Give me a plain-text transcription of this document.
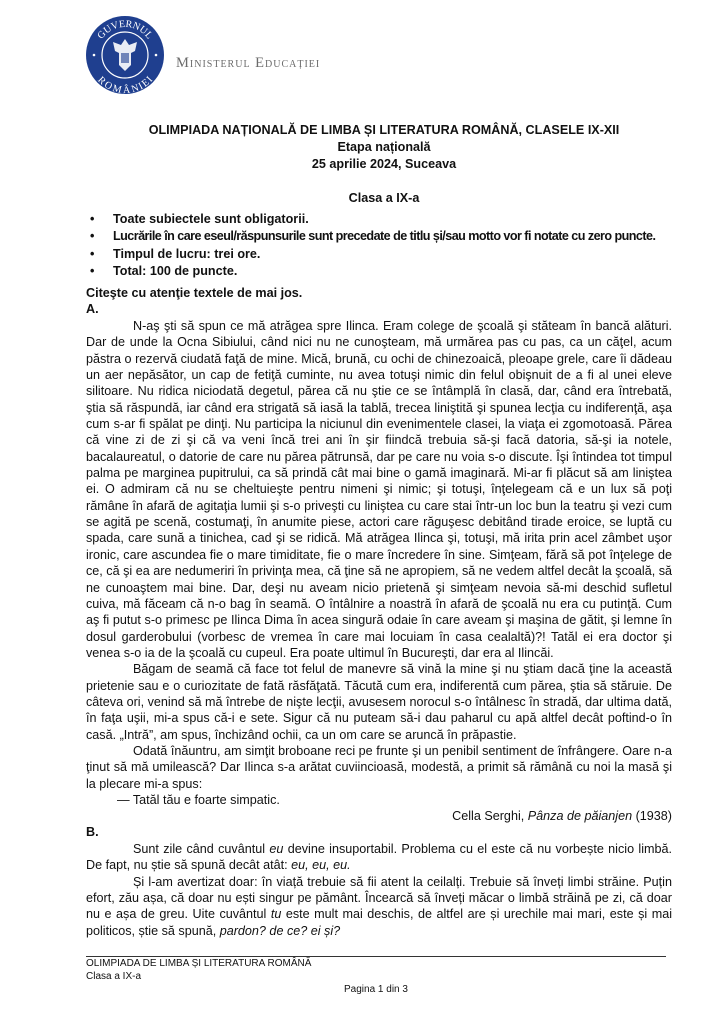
GUVERNUL
ROMÂNIEI
Ministerul Educației
OLIMPIADA NAȚIONALĂ DE LIMBA ȘI LITERATURA ROMÂNĂ, CLASELE IX-XII
Etapa națională
25 aprilie 2024, Suceava
Clasa a IX-a
• Toate subiectele sunt obligatorii.
• Lucrările în care eseul/răspunsurile sunt precedate de titlu și/sau motto vor fi notate cu zero puncte.
• Timpul de lucru: trei ore.
• Total: 100 de puncte.
Citeşte cu atenţie textele de mai jos.
A.

N-aş şti să spun ce mă atrăgea spre Ilinca. Eram colege de şcoală şi stăteam în bancă alături. Dar de unde la Ocna Sibiului, când nici nu ne cunoşteam, mă urmărea pas cu pas, ca un căţel, acum păstra o rezervă ciudată faţă de mine. Mică, brună, cu ochi de chinezoaică, pleoape grele, care îi dădeau un aer nepăsător, un cap de fetiţă cuminte, nu avea totuşi nimic din felul obişnuit de a fi al unei eleve silitoare. Nu ridica niciodată degetul, părea că nu ştie ce se întâmplă în clasă, dar, când era întrebată, ştia să răspundă, iar când era strigată să iasă la tablă, trecea liniştită şi spunea lecţia cu indiferenţă, aşa cum s-ar fi spălat pe dinţi. Nu participa la niciunul din evenimentele clasei, la viaţa ei zgomotoasă. Părea că vine zi de zi şi că va veni încă trei ani în şir fiindcă trebuia să-şi facă datoria, să-şi ia notele, bacalaureatul, o datorie de care nu părea pătrunsă, dar pe care nu voia s-o discute. Îşi întindea tot timpul palma pe marginea pupitrului, ca să prindă cât mai bine o gamă imaginară. Mi-ar fi plăcut să am liniştea ei. O admiram că nu se cheltuieşte pentru nimeni şi nimic; şi totuşi, înţelegeam că e un lux să poţi rămâne în afară de agitaţia lumii şi s-o priveşti cu liniştea cu care stai într-un loc bun la teatru şi vezi cum se agită pe scenă, costumaţi, în anumite piese, actori care răguşesc debitând tirade eroice, se luptă cu spada, care sună a tinichea, cad şi se ridică. Mă atrăgea Ilinca şi, totuşi, mă irita prin acel zâmbet uşor ironic, care ascundea fie o mare timiditate, fie o mare încredere în sine. Simţeam, fără să pot înţelege de ce, că şi ea are nedumeriri în privinţa mea, că ţine să ne apropiem, să ne vedem altfel decât la şcoală, să ne cunoaştem mai bine. Dar, deşi nu aveam nicio prietenă şi simţeam nevoia să-mi deschid sufletul cuiva, mă făceam că n-o bag în seamă. O întâlnire a noastră în afară de şcoală nu era cu putinţă. Cum aş fi putut s-o primesc pe Ilinca Dima în acea singură odaie în care aveam şi maşina de gătit, şi lemne în dosul garderobului (vorbesc de vremea în care mai locuiam în casa cealaltă)?! Tatăl ei era doctor şi venea s-o ia de la şcoală cu cupeul. Era poate ultimul în Bucureşti, dar era al Ilincăi.

Băgam de seamă că face tot felul de manevre să vină la mine şi nu ştiam dacă ţine la această prietenie sau e o curiozitate de fată răsfăţată. Tăcută cum era, indiferentă cum părea, ştia să stăruie. De câteva ori, venind să mă întrebe de nişte lecţii, avusesem norocul s-o întâlnesc în stradă, dar ultima dată, în faţa uşii, mi-a spus că-i e sete. Sigur că nu puteam să-i dau paharul cu apă altfel decât poftind-o în casă. „Intră”, am spus, închizând ochii, ca un om care se aruncă în prăpastie.

Odată înăuntru, am simţit broboane reci pe frunte şi un penibil sentiment de înfrângere. Oare n-a ţinut să mă umilească? Dar Ilinca s-a arătat cuviincioasă, modestă, a primit să rămână cu noi la masă şi la plecare mi-a spus:

— Tatăl tău e foarte simpatic.

Cella Serghi, Pânza de păianjen (1938)
B.

Sunt zile când cuvântul eu devine insuportabil. Problema cu el este că nu vorbește nicio limbă. De fapt, nu știe să spună decât atât: eu, eu, eu.

Și l-am avertizat doar: în viață trebuie să fii atent la ceilalți. Trebuie să înveți limbi străine. Puțin efort, zău așa, că doar nu ești singur pe pământ. Încearcă să înveți măcar o limbă străină pe zi, că doar nu e așa de greu. Uite cuvântul tu este mult mai deschis, de altfel are și urechile mai mari, este și mai politicos, știe să spună, pardon? de ce? ei și?

OLIMPIADA DE LIMBA ȘI LITERATURA ROMÂNĂ
Clasa a IX-a
Pagina 1 din 3
